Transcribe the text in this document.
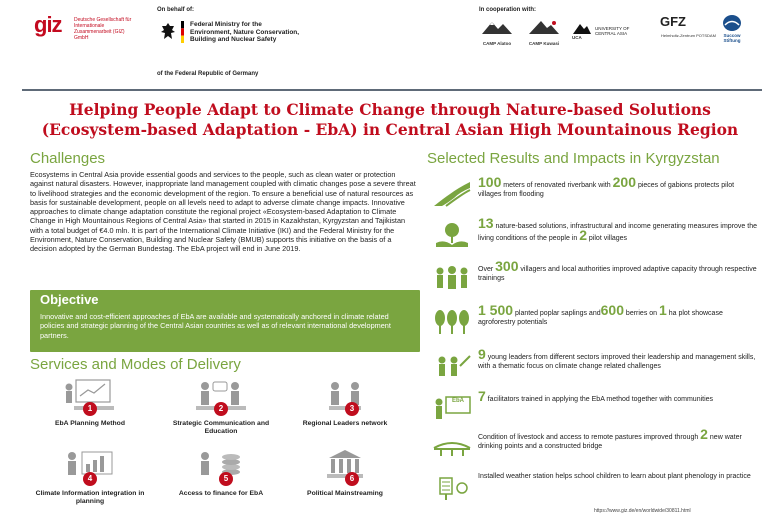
giz Deutsche Gesellschaft für Internationale Zusammenarbeit (GIZ) GmbH
On behalf of:
Federal Ministry for the Environment, Nature Conservation, Building and Nuclear Safety
of the Federal Republic of Germany
In cooperation with:
CAMP Alatoo	CAMP Kuwasi
UCA
UNIVERSITY OF CENTRAL ASIA
GFZ
Helmholtz-Zentrum POTSDAM	Succow Stiftung
Helping People Adapt to Climate Change through Nature-based Solutions
(Ecosystem-based Adaptation - EbA) in Central Asian High Mountainous Region
Challenges
Ecosystems in Central Asia provide essential goods and services to the people, such as clean water or protection against natural disasters. However, inappropriate land management coupled with climatic changes pose a severe threat to livelihood strategies and the economic development of the region. To ensure a beneficial use of natural resources as basis for sustainable development, people on all levels need to adapt to adverse climate change impacts. Innovative approaches to climate change adaptation constitute the regional project «Ecosystem-based Adaptation to Climate Change in High Mountainous Regions of Central Asia» that started in 2015 in Kazakhstan, Kyrgyzstan and Tajikistan with a total budget of €4.0 mln. It is part of the International Climate Initiative (IKI) and the Federal Ministry for the Environment, Nature Conservation, Building and Nuclear Safety (BMUB) supports this initiative on the basis of a decision adopted by the German Bundestag. The EbA project will end in June 2019.
Objective
Innovative and cost-efficient approaches of EbA are available and systematically anchored in climate related policies and strategic planning of the Central Asian countries as well as of relevant international development partners.
Services and Modes of Delivery
1
EbA Planning Method
2
Strategic Communication and Education
3
Regional Leaders network
4
Climate Information integration in planning
5
Access to finance for EbA
6
Political Mainstreaming
Selected Results and Impacts in Kyrgyzstan
100 meters of renovated riverbank with 200 pieces of gabions protects pilot villages from flooding
13 nature-based solutions, infrastructural and income generating measures improve the living conditions of the people in 2 pilot villages
Over 300 villagers and local authorities improved adaptive capacity through respective trainings
1 500 planted poplar saplings and600 berries on 1 ha plot showcase agroforestry potentials
9 young leaders from different sectors improved their leadership and management skills, with a thematic focus on climate change related challenges
EbA 7 facilitators trained in applying the EbA method together with communities
Condition of livestock and access to remote pastures improved through 2 new water drinking points and a constructed bridge
Installed weather station helps school children to learn about plant phenology in practice
https://www.giz.de/en/worldwide/30811.html
